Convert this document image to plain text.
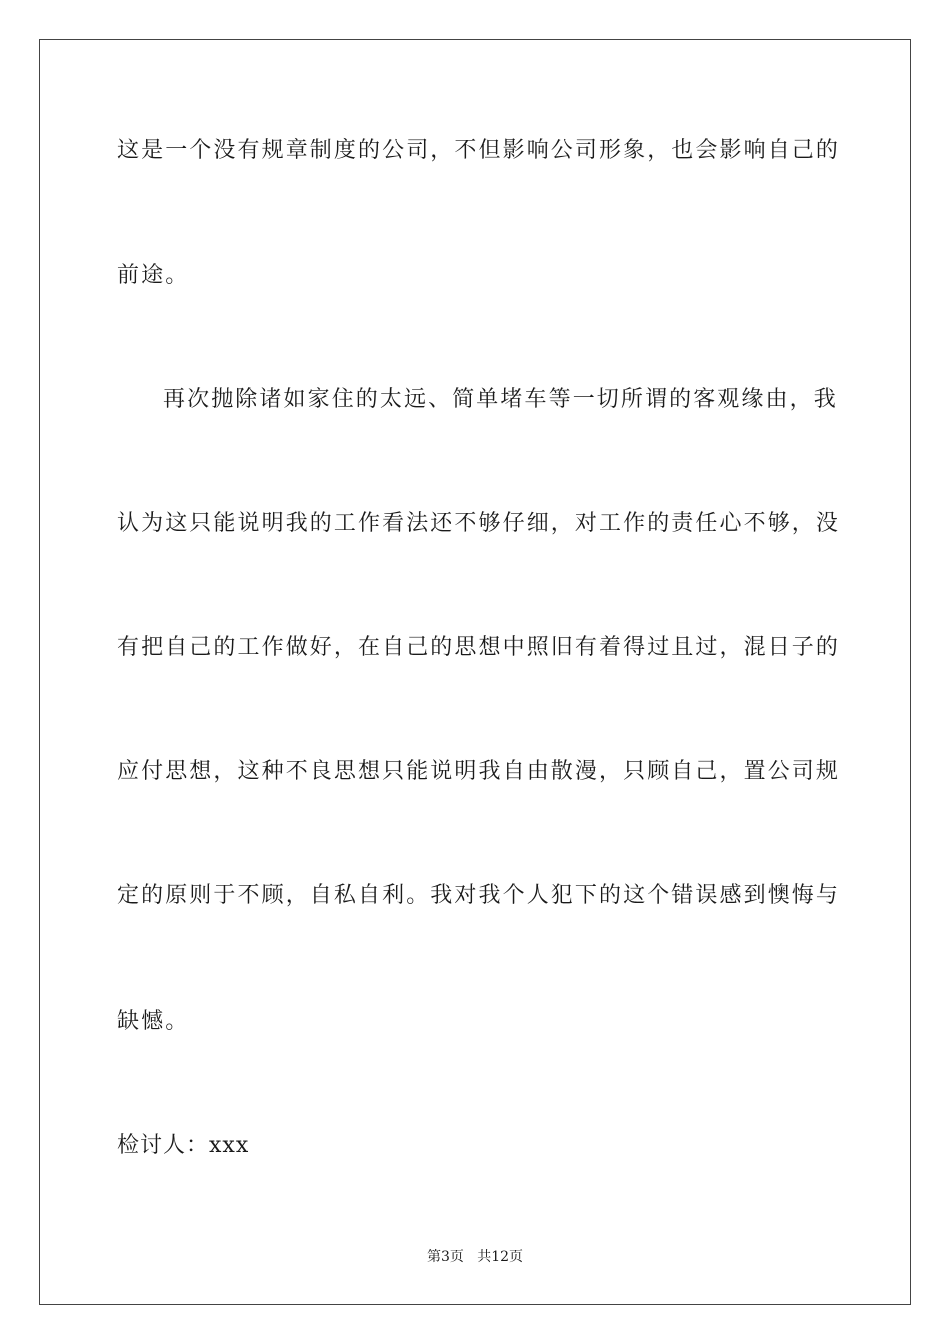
这是一个没有规章制度的公司，不但影响公司形象，也会影响自己的
前途。
再次抛除诸如家住的太远、简单堵车等一切所谓的客观缘由，我
认为这只能说明我的工作看法还不够仔细，对工作的责任心不够，没
有把自己的工作做好，在自己的思想中照旧有着得过且过，混日子的
应付思想，这种不良思想只能说明我自由散漫，只顾自己，置公司规
定的原则于不顾，自私自利。我对我个人犯下的这个错误感到懊悔与
缺憾。
检讨人：xxx
第3页   共12页
